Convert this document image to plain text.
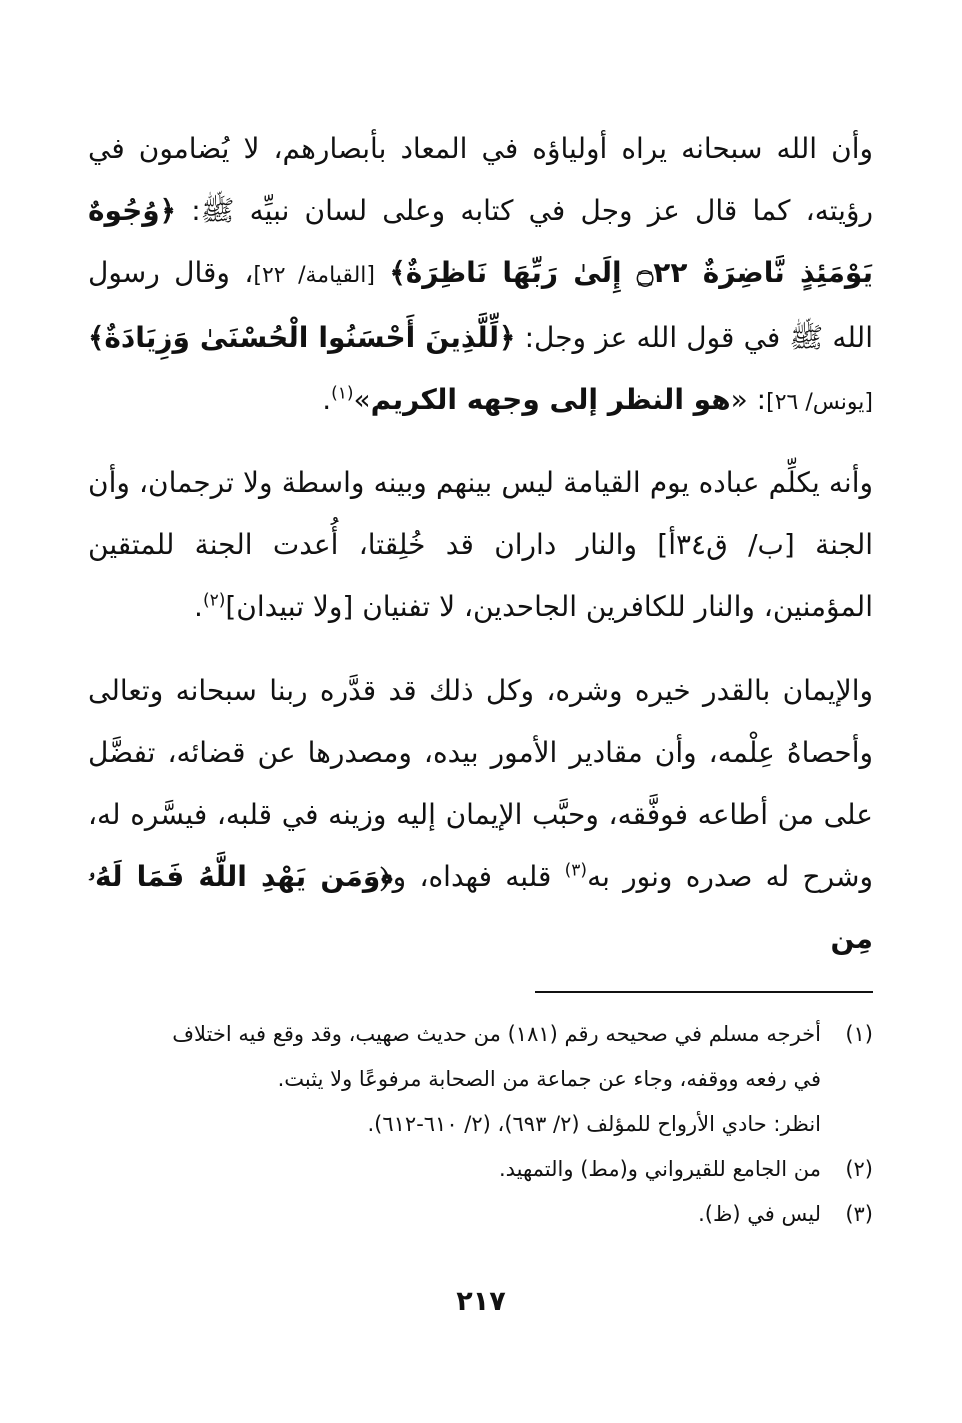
وأن الله سبحانه يراه أولياؤه في المعاد بأبصارهم، لا يُضامون في رؤيته، كما قال عز وجل في كتابه وعلى لسان نبيِّه ﷺ: ﴿وُجُوهٌ يَوْمَئِذٍ نَّاضِرَةٌ ۝٢٢ إِلَىٰ رَبِّهَا نَاظِرَةٌ﴾ [القيامة/ ٢٢]، وقال رسول الله ﷺ في قول الله عز وجل: ﴿لِّلَّذِينَ أَحْسَنُوا الْحُسْنَىٰ وَزِيَادَةٌ﴾ [يونس/ ٢٦]: «هو النظر إلى وجهه الكريم»$^{(١)}$.

وأنه يكلِّم عباده يوم القيامة ليس بينهم وبينه واسطة ولا ترجمان، وأن الجنة [ب/ ق٣٤أ] والنار داران قد خُلِقتا، أُعدت الجنة للمتقين المؤمنين، والنار للكافرين الجاحدين، لا تفنيان [ولا تبيدان]$^{(٢)}$.

والإيمان بالقدر خيره وشره، وكل ذلك قد قدَّره ربنا سبحانه وتعالى وأحصاهُ عِلْمه، وأن مقادير الأمور بيده، ومصدرها عن قضائه، تفضَّل على من أطاعه فوفَّقه، وحبَّب الإيمان إليه وزينه في قلبه، فيسَّره له، وشرح له صدره ونور به$^{(٣)}$ قلبه فهداه، و﴿وَمَن يَهْدِ اللَّهُ فَمَا لَهُۥ مِن

(١)
أخرجه مسلم في صحيحه رقم (١٨١) من حديث صهيب، وقد وقع فيه اختلاف
في رفعه ووقفه، وجاء عن جماعة من الصحابة مرفوعًا ولا يثبت.
انظر: حادي الأرواح للمؤلف (٢/ ٦٩٣)، (٢/ ٦١٠-٦١٢).
(٢)
من الجامع للقيرواني و(مط) والتمهيد.
(٣)
ليس في (ظ).
٢١٧
